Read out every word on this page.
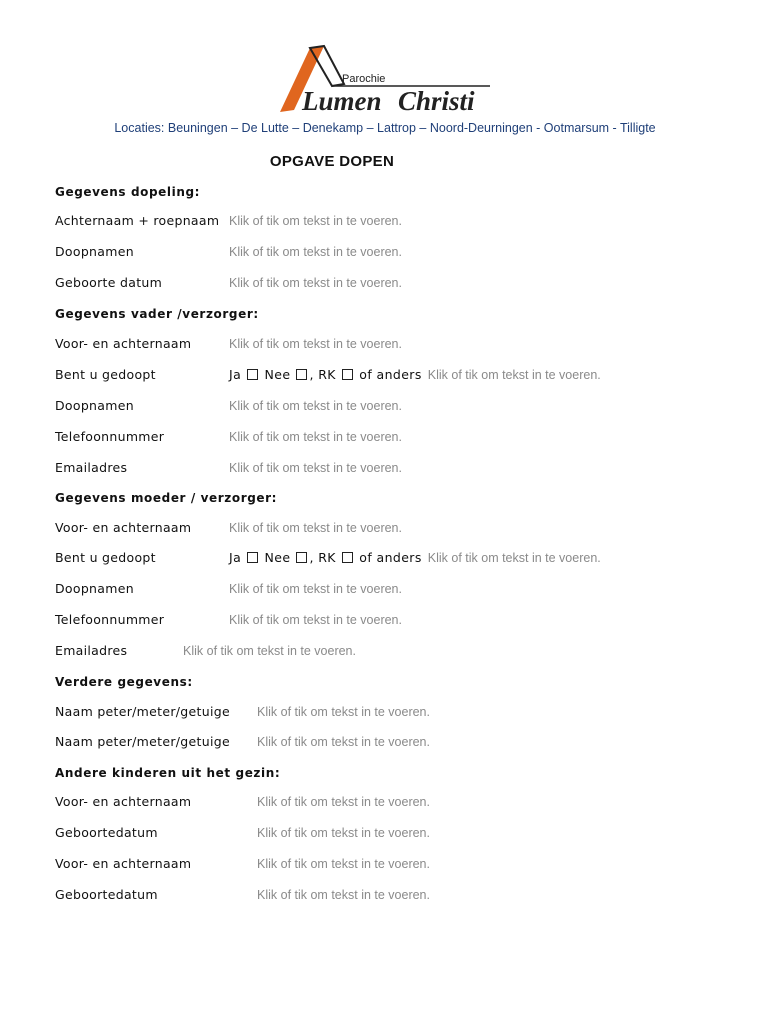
Parochie
Lumen Christi
Locaties: Beuningen – De Lutte – Denekamp – Lattrop – Noord-Deurningen - Ootmarsum - Tilligte
OPGAVE DOPEN
Gegevens dopeling:
Achternaam + roepnaam Klik of tik om tekst in te voeren.
Doopnamen	Klik of tik om tekst in te voeren.
Geboorte datum	Klik of tik om tekst in te voeren.
Gegevens vader /verzorger:
Voor- en achternaam	Klik of tik om tekst in te voeren.
Bent u gedoopt	Ja Nee , RK of anders Klik of tik om tekst in te voeren.
Doopnamen	Klik of tik om tekst in te voeren.
Telefoonnummer	Klik of tik om tekst in te voeren.
Emailadres	Klik of tik om tekst in te voeren.
Gegevens moeder / verzorger:
Voor- en achternaam	Klik of tik om tekst in te voeren.
Bent u gedoopt	Ja Nee , RK of anders Klik of tik om tekst in te voeren.
Doopnamen	Klik of tik om tekst in te voeren.
Telefoonnummer	Klik of tik om tekst in te voeren.
Emailadres	Klik of tik om tekst in te voeren.
Verdere gegevens:
Naam peter/meter/getuige Klik of tik om tekst in te voeren.
Naam peter/meter/getuige Klik of tik om tekst in te voeren.
Andere kinderen uit het gezin:
Voor- en achternaam	Klik of tik om tekst in te voeren.
Geboortedatum	Klik of tik om tekst in te voeren.
Voor- en achternaam	Klik of tik om tekst in te voeren.
Geboortedatum	Klik of tik om tekst in te voeren.
